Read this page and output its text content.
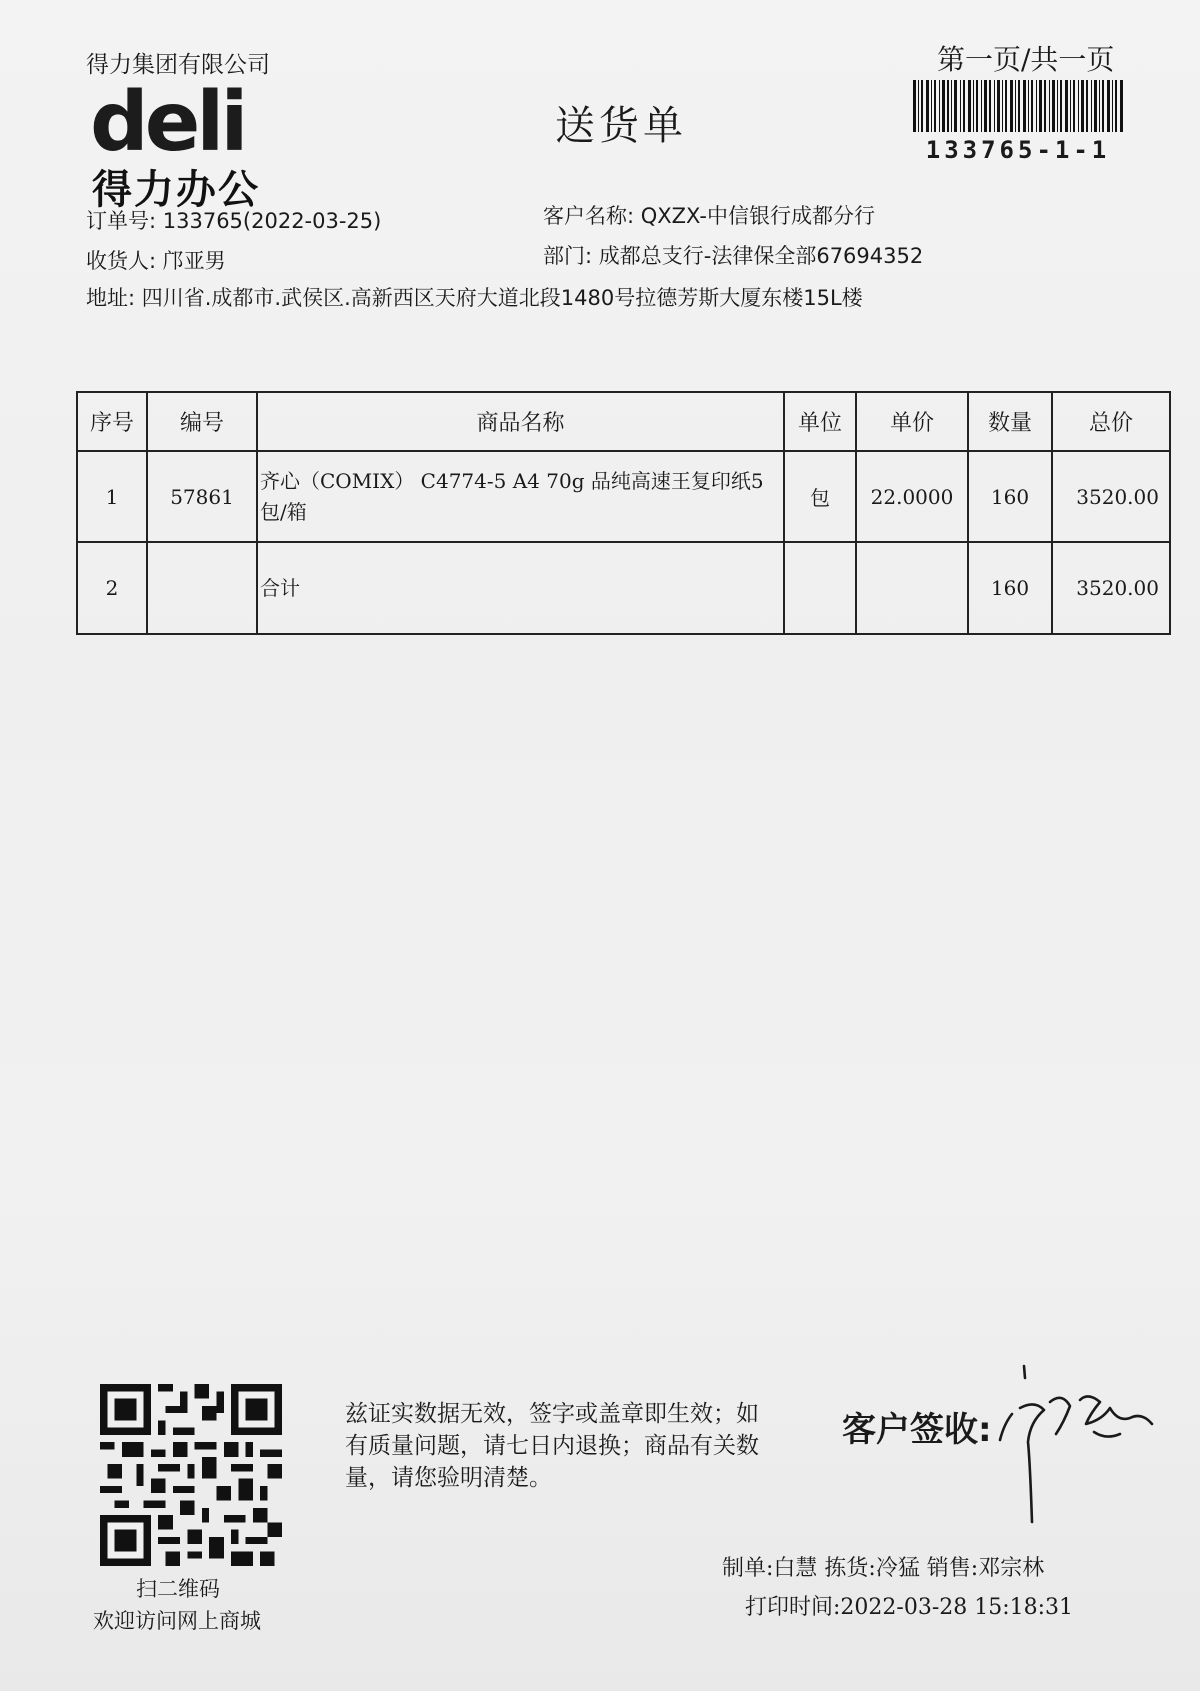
得力集团有限公司
deli
得力办公
送货单
第一页/共一页
133765-1-1
订单号: 133765(2022-03-25)
收货人: 邝亚男
地址: 四川省.成都市.武侯区.高新西区天府大道北段1480号拉德芳斯大厦东楼15L楼
客户名称: QXZX-中信银行成都分行
部门: 成都总支行-法律保全部67694352
序号	编号	商品名称	单位	单价	数量	总价
1	57861	齐心（COMIX） C4774-5 A4 70g 品纯高速王复印纸5包/箱	包	22.0000	160	3520.00
2		合计			160	3520.00
扫二维码
欢迎访问网上商城
兹证实数据无效，签字或盖章即生效；如有质量问题，请七日内退换；商品有关数量，请您验明清楚。
客户签收:
制单:白慧 拣货:冷猛 销售:邓宗林
打印时间:2022-03-28 15:18:31
